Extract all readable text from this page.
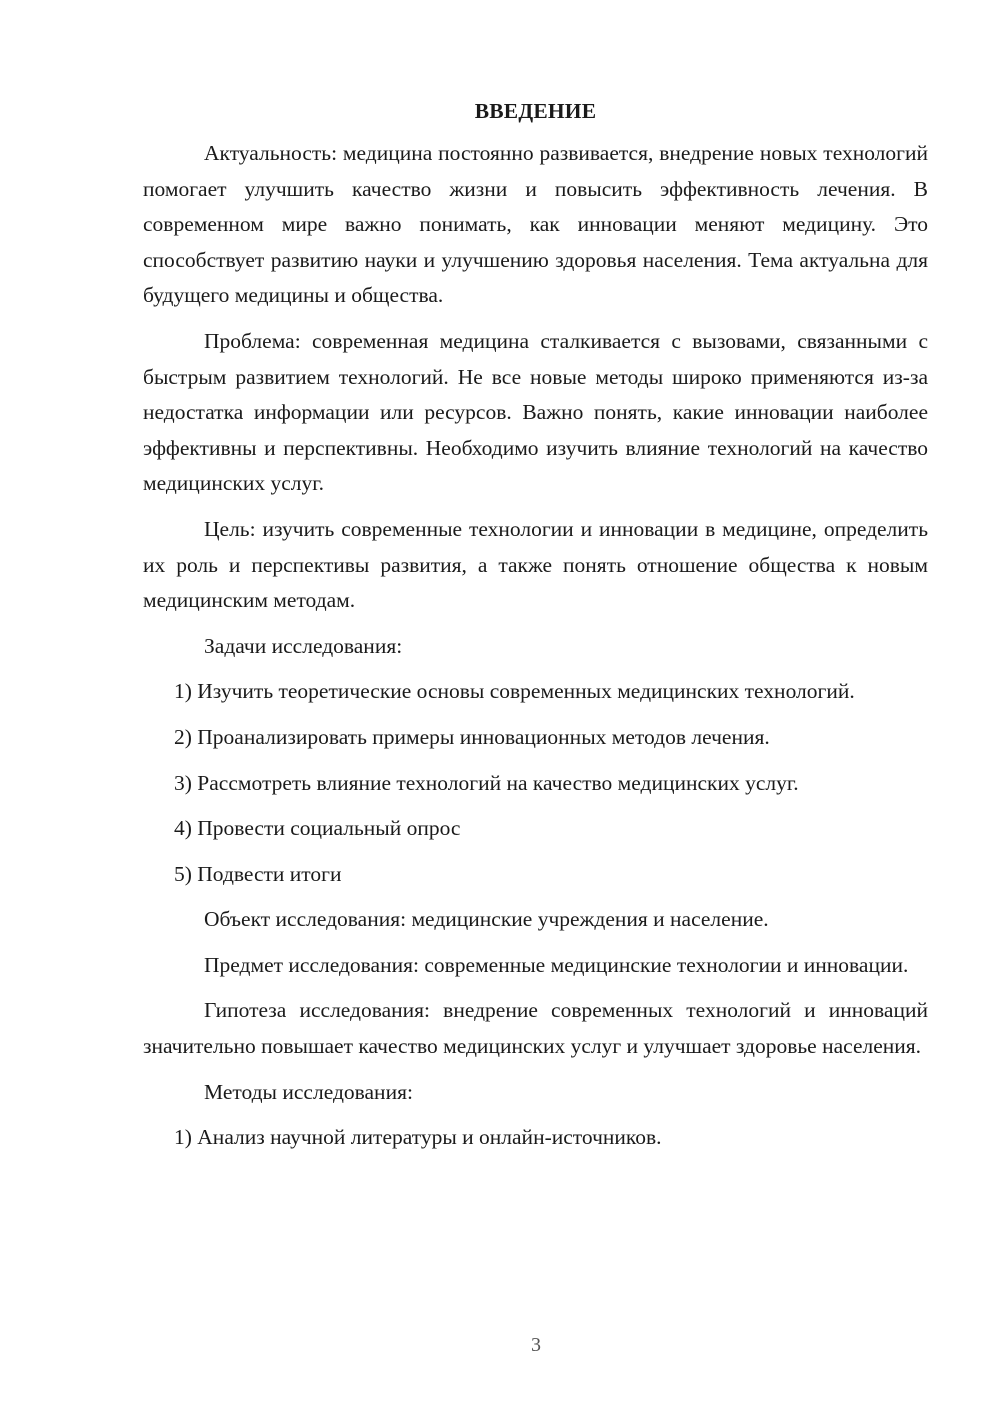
ВВЕДЕНИЕ
Актуальность: медицина постоянно развивается, внедрение новых технологий помогает улучшить качество жизни и повысить эффективность лечения. В современном мире важно понимать, как инновации меняют медицину. Это способствует развитию науки и улучшению здоровья населения. Тема актуальна для будущего медицины и общества.
Проблема: современная медицина сталкивается с вызовами, связанными с быстрым развитием технологий. Не все новые методы широко применяются из-за недостатка информации или ресурсов. Важно понять, какие инновации наиболее эффективны и перспективны. Необходимо изучить влияние технологий на качество медицинских услуг.
Цель: изучить современные технологии и инновации в медицине, определить их роль и перспективы развития, а также понять отношение общества к новым медицинским методам.
Задачи исследования:
1) Изучить теоретические основы современных медицинских технологий.
2) Проанализировать примеры инновационных методов лечения.
3) Рассмотреть влияние технологий на качество медицинских услуг.
4) Провести социальный опрос
5) Подвести итоги
Объект исследования: медицинские учреждения и население.
Предмет исследования: современные медицинские технологии и инновации.
Гипотеза исследования: внедрение современных технологий и инноваций значительно повышает качество медицинских услуг и улучшает здоровье населения.
Методы исследования:
1) Анализ научной литературы и онлайн-источников.
3
